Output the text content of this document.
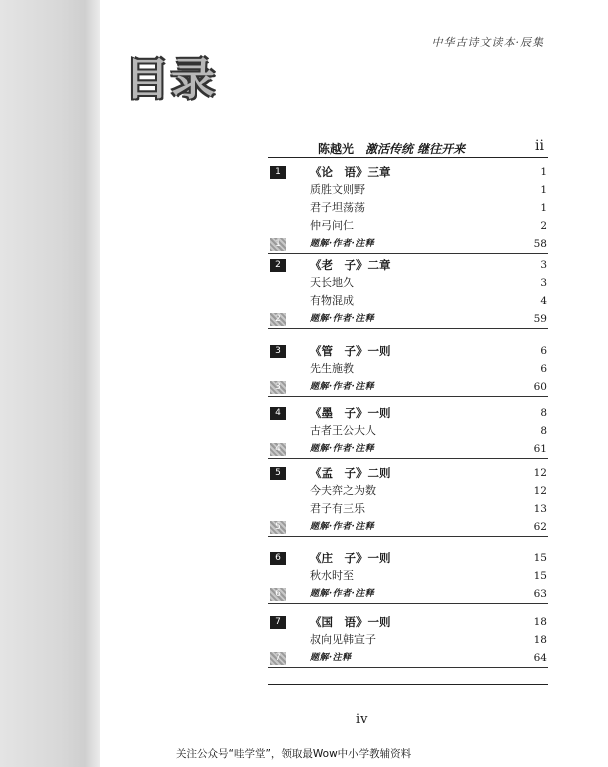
中华古诗文读本·辰集
目录
陈越光 激活传统 继往开来	ii
1	《论　语》三章	1
质胜文则野	1
君子坦荡荡	1
仲弓问仁	2
1	题解·作者·注释	58
2	《老　子》二章	3
天长地久	3
有物混成	4
2	题解·作者·注释	59
3	《管　子》一则	6
先生施教	6
3	题解·作者·注释	60
4	《墨　子》一则	8
古者王公大人	8
4	题解·作者·注释	61
5	《孟　子》二则	12
今夫弈之为数	12
君子有三乐	13
5	题解·作者·注释	62
6	《庄　子》一则	15
秋水时至	15
6	题解·作者·注释	63
7	《国　语》一则	18
叔向见韩宣子	18
7	题解·注释	64
iv
关注公众号“哇学堂”，领取最Wow中小学教辅资料
